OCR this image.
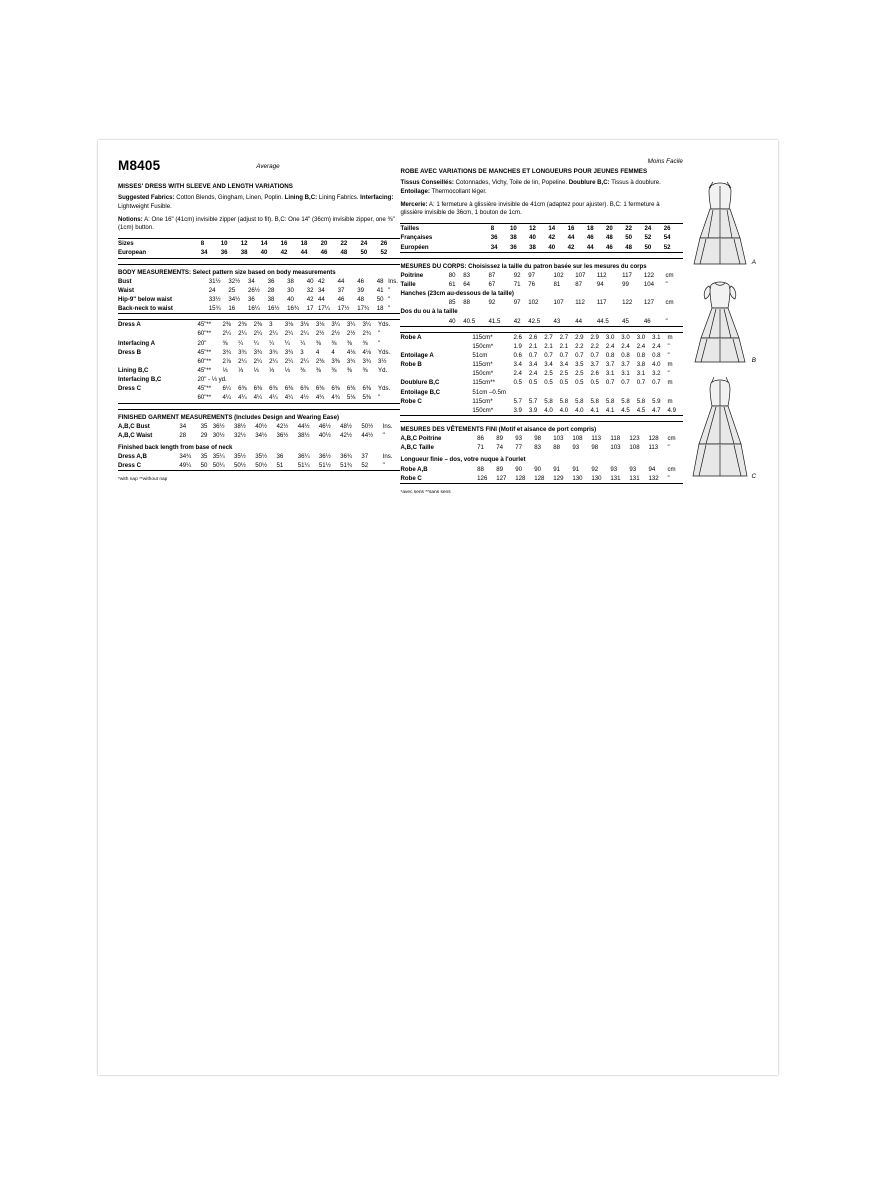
M8405	Average
MISSES' DRESS WITH SLEEVE AND LENGTH VARIATIONS
Suggested Fabrics: Cotton Blends, Gingham, Linen, Poplin. Lining B,C: Lining Fabrics. Interfacing: Lightweight Fusible.
Notions: A: One 16" (41cm) invisible zipper (adjust to fit). B,C: One 14" (36cm) invisible zipper, one ⅜" (1cm) button.
Sizes	8	10	12	14	16	18	20	22	24	26	
European	34	36	38	40	42	44	46	48	50	52	
BODY MEASUREMENTS: Select pattern size based on body measurements											
Bust		31½	32½	34	36	38	40	42	44	46	48	Ins.
Waist		24	25	26½	28	30	32	34	37	39	41	"
Hip-9" below waist		33½	34½	36	38	40	42	44	46	48	50	"
Back-neck to waist		15¾	16	16¼	16½	16¾	17	17¼	17½	17¾	18	"
Dress A	45"**	2⅜	2⅜	2⅜	3	3⅛	3⅛	3⅛	3¼	3¼	3¼	Yds.
	60"**	2¼	2¼	2¼	2¼	2¼	2¼	2½	2½	2½	2¾	"
Interfacing A	20"	⅜	¼	¼	¼	¼	¼	⅜	⅜	⅜	⅜	"
Dress B	45"**	3¾	3¾	3¾	3¾	3¾	3	4	4	4⅛	4⅛	Yds.
	60"**	2⅞	2¼	2¼	2¼	2¼	2¼	2⅜	3⅜	3¾	3¾	3½
Lining B,C	45"**	⅓	⅓	⅓	⅓	⅓	⅜	⅜	⅜	⅜	⅜	Yd.
Interfacing B,C	20" - ⅓ yd.											
Dress C	45"**	6¼	6⅜	6⅜	6⅜	6⅜	6⅜	6⅜	6⅜	6⅜	6⅜	Yds.
	60"**	4¼	4¼	4¼	4¼	4¼	4½	4¾	4¾	5⅛	5⅜	"
FINISHED GARMENT MEASUREMENTS (Includes Design and Wearing Ease)											
A,B,C Bust		34	35	36½	38½	40½	42½	44½	46½	48½	50½	Ins.
A,B,C Waist		28	29	30½	32½	34½	36½	38½	40½	42½	44½	"
Finished back length from base of neck											
Dress A,B		34¾	35	35¼	35½	35½	36	36¼	36½	36¾	37	Ins.
Dress C		49¼	50	50¼	50½	50½	51	51¼	51½	51¾	52	"
*with nap **without nap
Moins Facile
ROBE AVEC VARIATIONS DE MANCHES ET LONGUEURS POUR JEUNES FEMMES
Tissus Conseillés: Cotonnades, Vichy, Toile de lin, Popeline. Doublure B,C: Tissus à doublure. Entoilage: Thermocollant léger.
Mercerie: A: 1 fermeture à glissière invisible de 41cm (adaptez pour ajuster). B,C: 1 fermeture à glissière invisible de 36cm, 1 bouton de 1cm.
Tailles	8	10	12	14	16	18	20	22	24	26	
Françaises	36	38	40	42	44	46	48	50	52	54	
Européen	34	36	38	40	42	44	46	48	50	52	
MESURES DU CORPS: Choisissez la taille du patron basée sur les mesures du corps											
Poitrine		80	83	87	92	97	102	107	112	117	122	cm
Taille		61	64	67	71	76	81	87	94	99	104	"
Hanches (23cm au-dessous de la taille)											
		85	88	92	97	102	107	112	117	122	127	cm
Dos du ou à la taille											
		40	40.5	41.5	42	42.5	43	44	44.5	45	46	"
Robe A	115cm*	2.6	2.6	2.7	2.7	2.9	2.9	3.0	3.0	3.0	3.1	m
	150cm*	1.9	2.1	2.1	2.1	2.2	2.2	2.4	2.4	2.4	2.4	"
Entoilage A	51cm	0.6	0.7	0.7	0.7	0.7	0.7	0.8	0.8	0.8	0.8	"
Robe B	115cm*	3.4	3.4	3.4	3.4	3.5	3.7	3.7	3.7	3.8	4.0	m
	150cm*	2.4	2.4	2.5	2.5	2.5	2.6	3.1	3.1	3.1	3.2	"
Doublure B,C	115cm**	0.5	0.5	0.5	0.5	0.5	0.5	0.7	0.7	0.7	0.7	m
Entoilage B,C	51cm –0.5m											
Robe C	115cm*	5.7	5.7	5.8	5.8	5.8	5.8	5.8	5.8	5.8	5.9	m
	150cm*	3.9	3.9	4.0	4.0	4.0	4.1	4.1	4.5	4.5	4.7	4.9
MESURES DES VÊTEMENTS FINI (Motif et aisance de port compris)											
A,B,C Poitrine		86	89	93	98	103	108	113	118	123	128	cm
A,B,C Taille		71	74	77	83	88	93	98	103	108	113	"
Longueur finie – dos, votre nuque à l'ourlet											
Robe A,B		88	89	90	90	91	91	92	93	93	94	cm
Robe C		126	127	128	128	129	130	130	131	131	132	"
*avec sens **sans sens
A
B
C
